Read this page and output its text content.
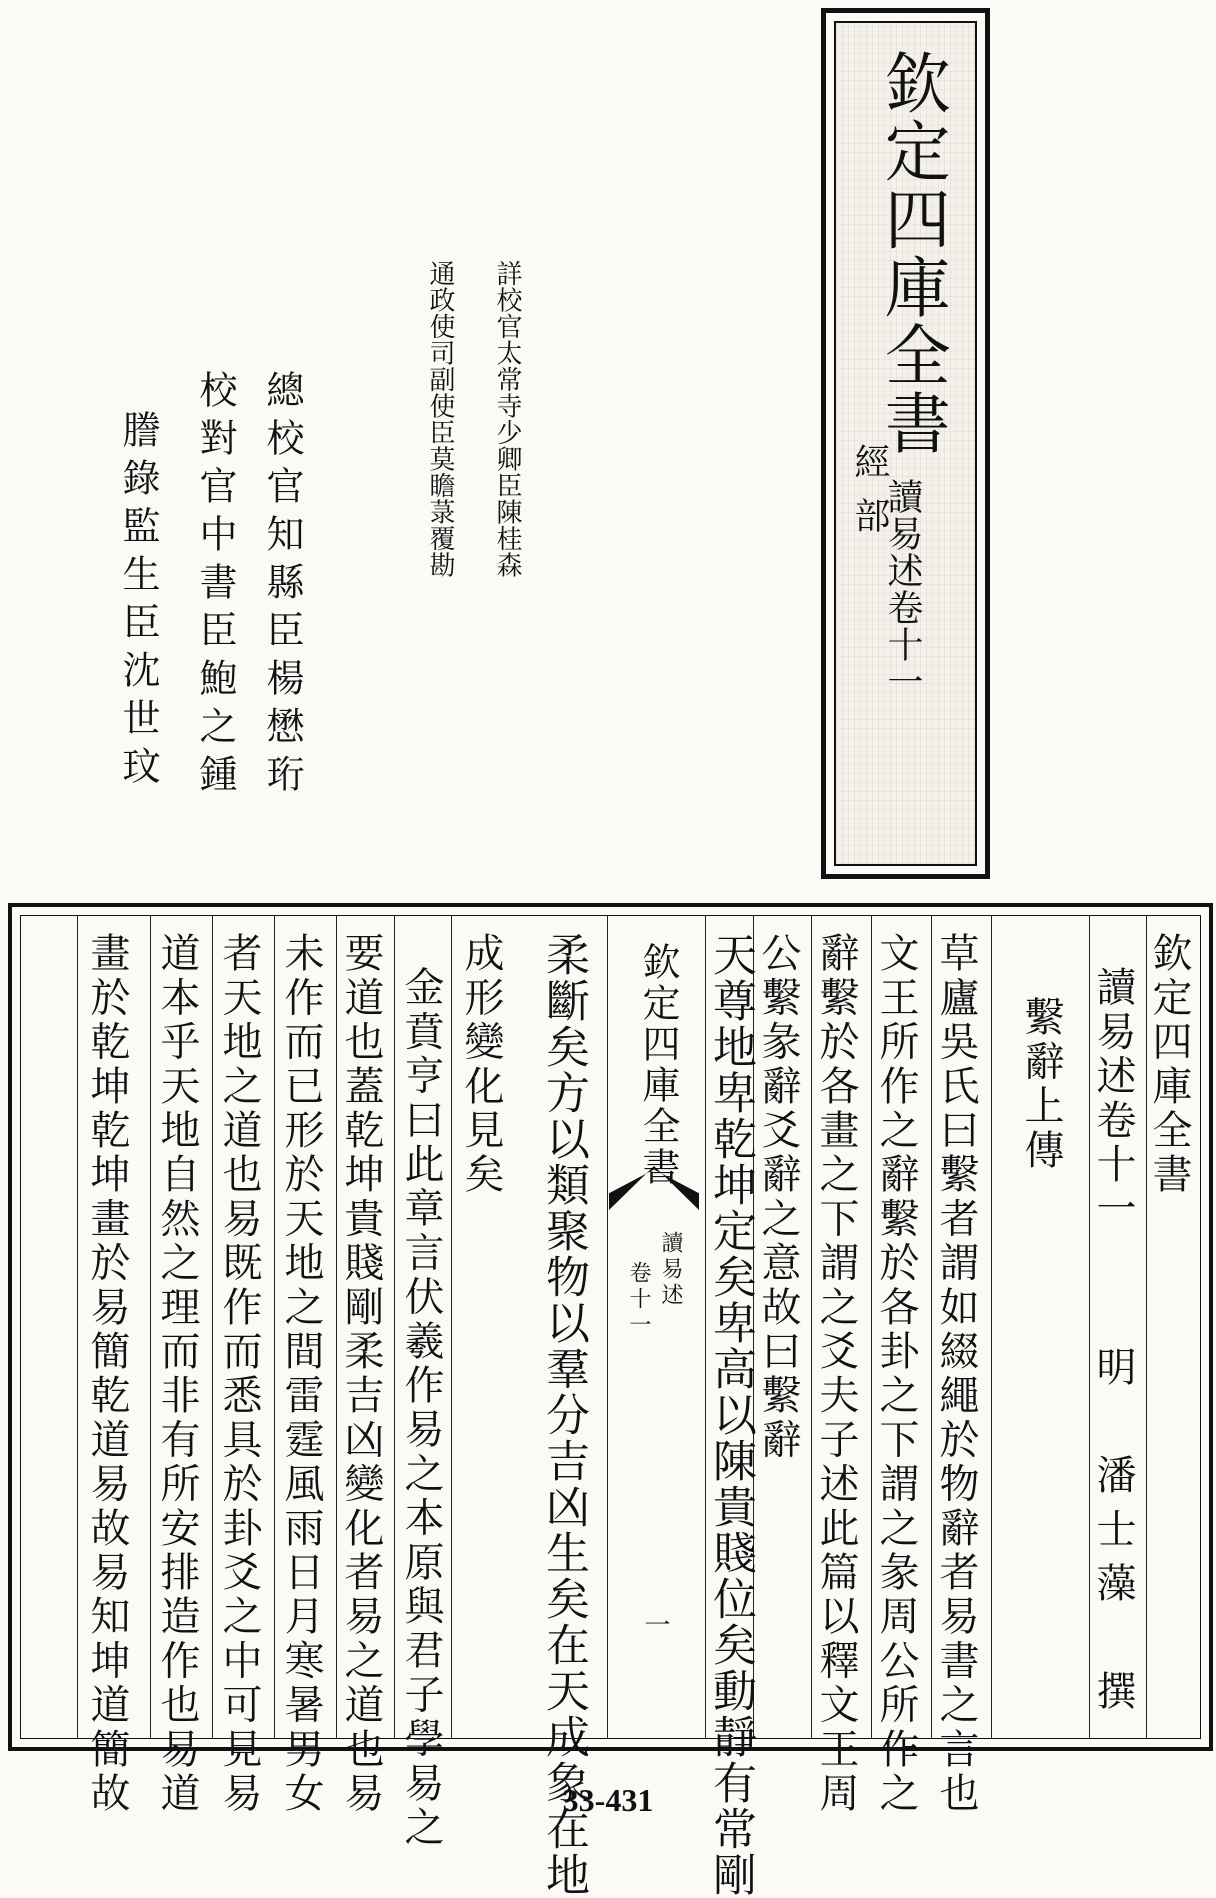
欽定四庫全書
經部
讀易述卷十一
詳校官太常寺少卿臣陳桂森
通政使司副使臣莫瞻菉覆勘
總校官知縣臣楊懋珩
校對官中書臣鮑之鍾
謄錄監生臣沈世玟
欽定四庫全書
讀易述卷十一
明　潘士藻　撰
繫辭上傳
草廬吳氏曰繫者謂如綴繩於物辭者易書之言也
文王所作之辭繫於各卦之下謂之彖周公所作之
辭繫於各畫之下謂之爻夫子述此篇以釋文王周
公繫彖辭爻辭之意故曰繫辭
天尊地卑乾坤定矣卑高以陳貴賤位矣動靜有常剛
欽定四庫全書
讀易述
卷十一
一
柔斷矣方以類聚物以羣分吉凶生矣在天成象在地
成形變化見矣
金賁亨曰此章言伏羲作易之本原與君子學易之
要道也蓋乾坤貴賤剛柔吉凶變化者易之道也易
未作而已形於天地之間雷霆風雨日月寒暑男女
者天地之道也易既作而悉具於卦爻之中可見易
道本乎天地自然之理而非有所安排造作也易道
畫於乾坤乾坤畫於易簡乾道易故易知坤道簡故	33-431
